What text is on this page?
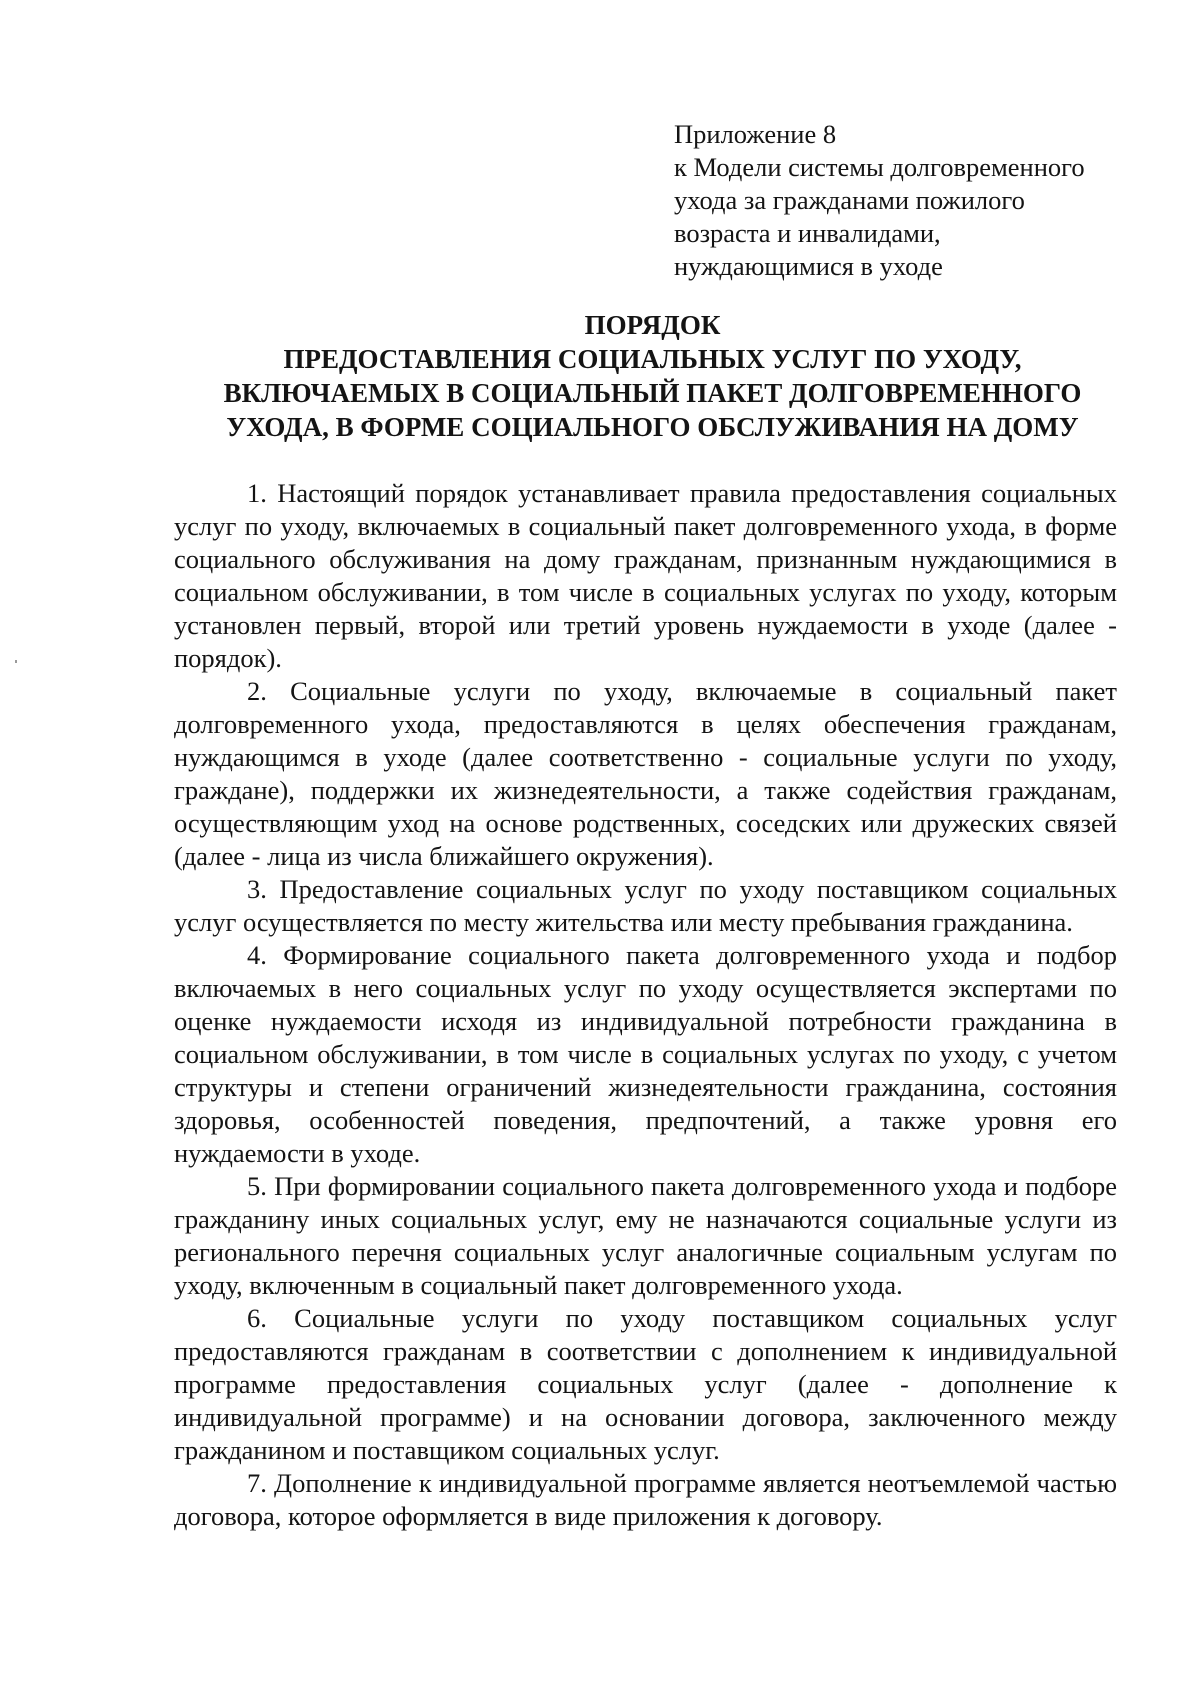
Приложение 8
к Модели системы долговременного
ухода за гражданами пожилого
возраста и инвалидами,
нуждающимися в уходе
ПОРЯДОК
ПРЕДОСТАВЛЕНИЯ СОЦИАЛЬНЫХ УСЛУГ ПО УХОДУ,
ВКЛЮЧАЕМЫХ В СОЦИАЛЬНЫЙ ПАКЕТ ДОЛГОВРЕМЕННОГО
УХОДА, В ФОРМЕ СОЦИАЛЬНОГО ОБСЛУЖИВАНИЯ НА ДОМУ

1. Настоящий порядок устанавливает правила предоставления социальных услуг по уходу, включаемых в социальный пакет долговременного ухода, в форме социального обслуживания на дому гражданам, признанным нуждающимися в социальном обслуживании, в том числе в социальных услугах по уходу, которым установлен первый, второй или третий уровень нуждаемости в уходе (далее - порядок).

2. Социальные услуги по уходу, включаемые в социальный пакет долговременного ухода, предоставляются в целях обеспечения гражданам, нуждающимся в уходе (далее соответственно - социальные услуги по уходу, граждане), поддержки их жизнедеятельности, а также содействия гражданам, осуществляющим уход на основе родственных, соседских или дружеских связей (далее - лица из числа ближайшего окружения).

3. Предоставление социальных услуг по уходу поставщиком социальных услуг осуществляется по месту жительства или месту пребывания гражданина.

4. Формирование социального пакета долговременного ухода и подбор включаемых в него социальных услуг по уходу осуществляется экспертами по оценке нуждаемости исходя из индивидуальной потребности гражданина в социальном обслуживании, в том числе в социальных услугах по уходу, с учетом структуры и степени ограничений жизнедеятельности гражданина, состояния здоровья, особенностей поведения, предпочтений, а также уровня его нуждаемости в уходе.

5. При формировании социального пакета долговременного ухода и подборе гражданину иных социальных услуг, ему не назначаются социальные услуги из регионального перечня социальных услуг аналогичные социальным услугам по уходу, включенным в социальный пакет долговременного ухода.

6. Социальные услуги по уходу поставщиком социальных услуг предоставляются гражданам в соответствии с дополнением к индивидуальной программе предоставления социальных услуг (далее - дополнение к индивидуальной программе) и на основании договора, заключенного между гражданином и поставщиком социальных услуг.

7. Дополнение к индивидуальной программе является неотъемлемой частью договора, которое оформляется в виде приложения к договору.
